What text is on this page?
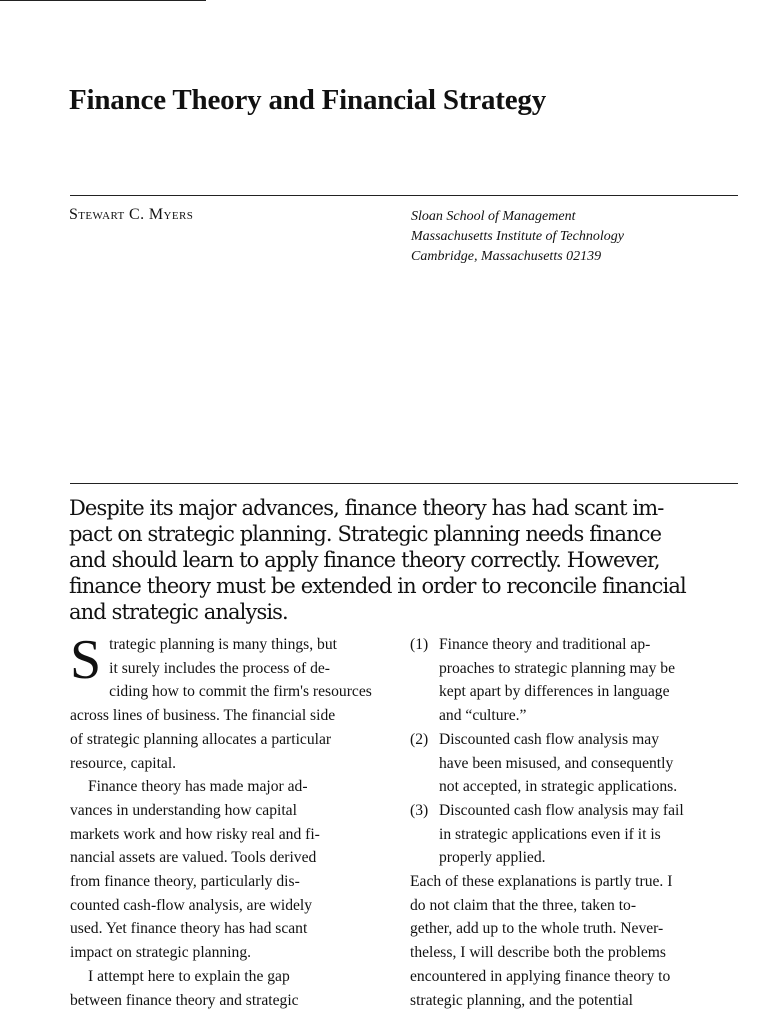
Finance Theory and Financial Strategy
Stewart C. Myers	Sloan School of Management
Massachusetts Institute of Technology
Cambridge, Massachusetts 02139

Despite its major advances, finance theory has had scant im-
pact on strategic planning. Strategic planning needs finance
and should learn to apply finance theory correctly. However,
finance theory must be extended in order to reconcile financial
and strategic analysis.

S trategic planning is many things, but
it surely includes the process of de-
ciding how to commit the firm's resources
across lines of business. The financial side
of strategic planning allocates a particular
resource, capital.
Finance theory has made major ad-
vances in understanding how capital
markets work and how risky real and fi-
nancial assets are valued. Tools derived
from finance theory, particularly dis-
counted cash-flow analysis, are widely
used. Yet finance theory has had scant
impact on strategic planning.
I attempt here to explain the gap
between finance theory and strategic
(1) Finance theory and traditional ap-
proaches to strategic planning may be
kept apart by differences in language
and “culture.”
(2) Discounted cash flow analysis may
have been misused, and consequently
not accepted, in strategic applications.
(3) Discounted cash flow analysis may fail
in strategic applications even if it is
properly applied.
Each of these explanations is partly true. I
do not claim that the three, taken to-
gether, add up to the whole truth. Never-
theless, I will describe both the problems
encountered in applying finance theory to
strategic planning, and the potential
